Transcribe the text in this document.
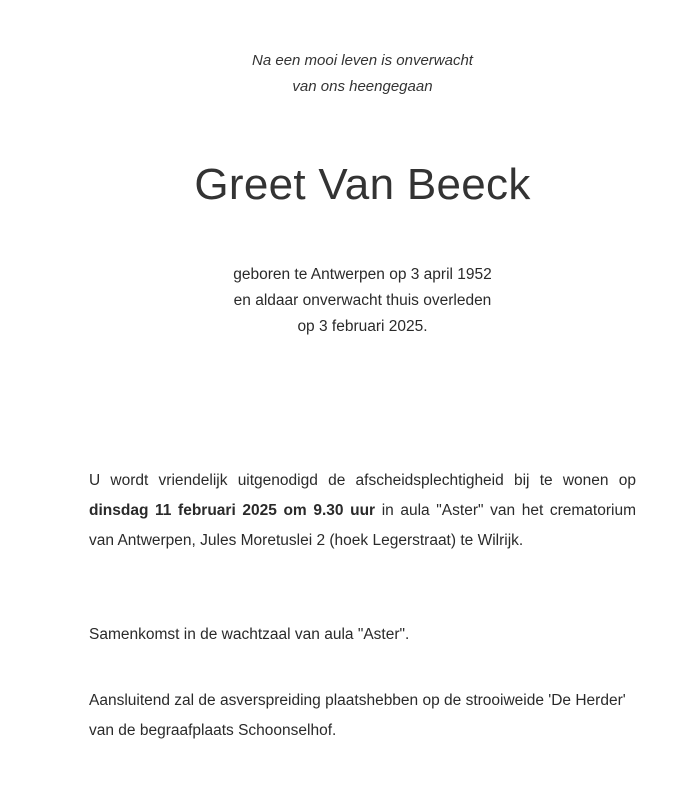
Na een mooi leven is onverwacht
van ons heengegaan
Greet Van Beeck
geboren te Antwerpen op 3 april 1952
en aldaar onverwacht thuis overleden
op 3 februari 2025.

U wordt vriendelijk uitgenodigd de afscheidsplechtigheid bij te wonen op dinsdag 11 februari 2025 om 9.30 uur in aula "Aster" van het crematorium van Antwerpen, Jules Moretuslei 2 (hoek Legerstraat) te Wilrijk.

Samenkomst in de wachtzaal van aula "Aster".

Aansluitend zal de asverspreiding plaatshebben op de strooiweide 'De Herder' van de begraafplaats Schoonselhof.
